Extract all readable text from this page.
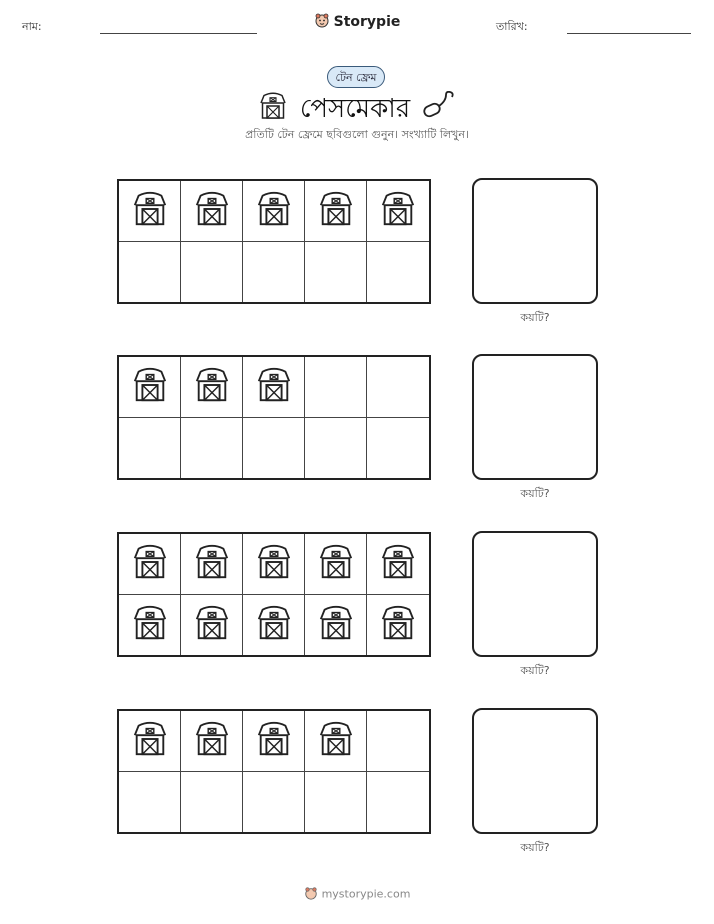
নাম:	Storypie	তারিখ:
টেন ফ্রেম
পেসমেকার
প্রতিটি টেন ফ্রেমে ছবিগুলো গুনুন। সংখ্যাটি লিখুন।
কয়টি?
কয়টি?
কয়টি?
কয়টি?
mystorypie.com
